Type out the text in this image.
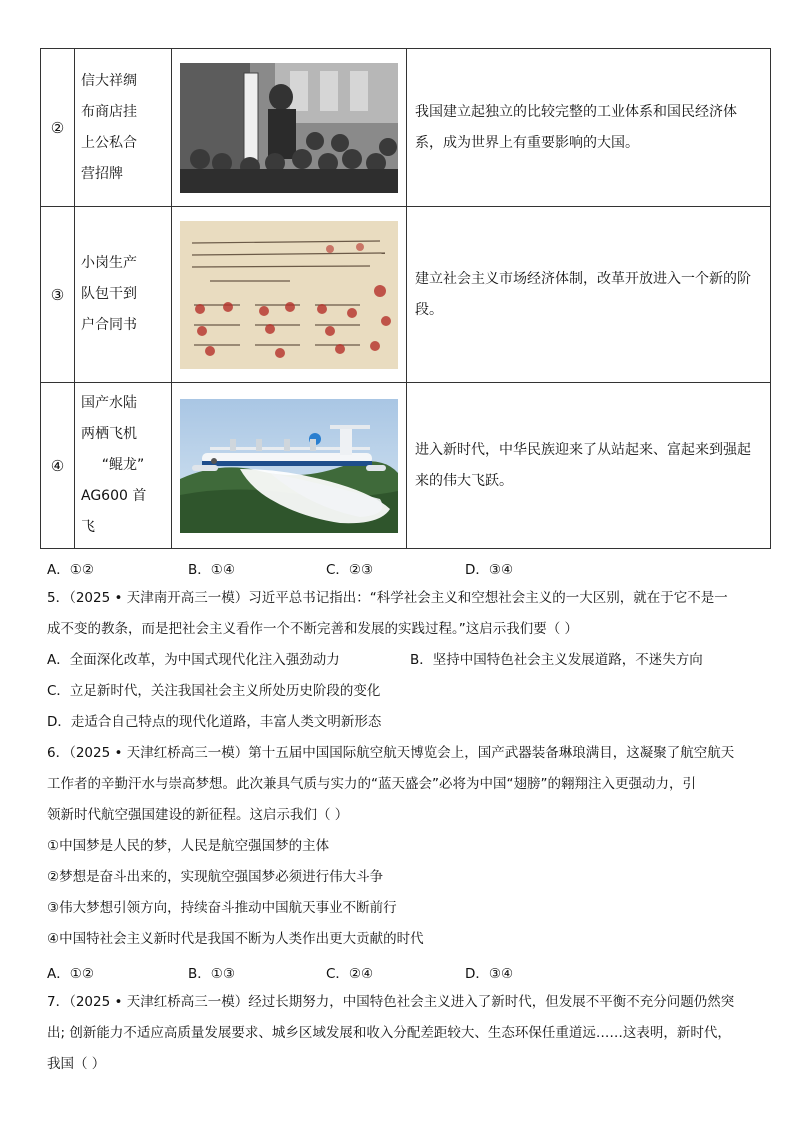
②	信大祥绸
布商店挂
上公私合
营招牌		我国建立起独立的比较完整的工业体系和国民经济体系，成为世界上有重要影响的大国。
③	小岗生产
队包干到
户合同书		建立社会主义市场经济体制，改革开放进入一个新的阶段。
④	国产水陆
两栖飞机
“鲲龙”
AG600 首
飞		进入新时代，中华民族迎来了从站起来、富起来到强起来的伟大飞跃。
A．①②	B．①④	C．②③	D．③④
5．（2025 • 天津南开高三一模）习近平总书记指出：“科学社会主义和空想社会主义的一大区别，就在于它不是一
成不变的教条，而是把社会主义看作一个不断完善和发展的实践过程。”这启示我们要（ ）
A．全面深化改革，为中国式现代化注入强劲动力	B．坚持中国特色社会主义发展道路，不迷失方向
C．立足新时代，关注我国社会主义所处历史阶段的变化
D．走适合自己特点的现代化道路，丰富人类文明新形态
6．（2025 • 天津红桥高三一模）第十五届中国国际航空航天博览会上，国产武器装备琳琅满目，这凝聚了航空航天
工作者的辛勤汗水与崇高梦想。此次兼具气质与实力的“蓝天盛会”必将为中国“翅膀”的翱翔注入更强动力，引
领新时代航空强国建设的新征程。这启示我们（ ）
①中国梦是人民的梦，人民是航空强国梦的主体
②梦想是奋斗出来的，实现航空强国梦必须进行伟大斗争
③伟大梦想引领方向，持续奋斗推动中国航天事业不断前行
④中国特社会主义新时代是我国不断为人类作出更大贡献的时代
A．①②	B．①③	C．②④	D．③④
7．（2025 • 天津红桥高三一模）经过长期努力，中国特色社会主义进入了新时代，但发展不平衡不充分问题仍然突
出; 创新能力不适应高质量发展要求、城乡区域发展和收入分配差距较大、生态环保任重道远……这表明，新时代，
我国（ ）
